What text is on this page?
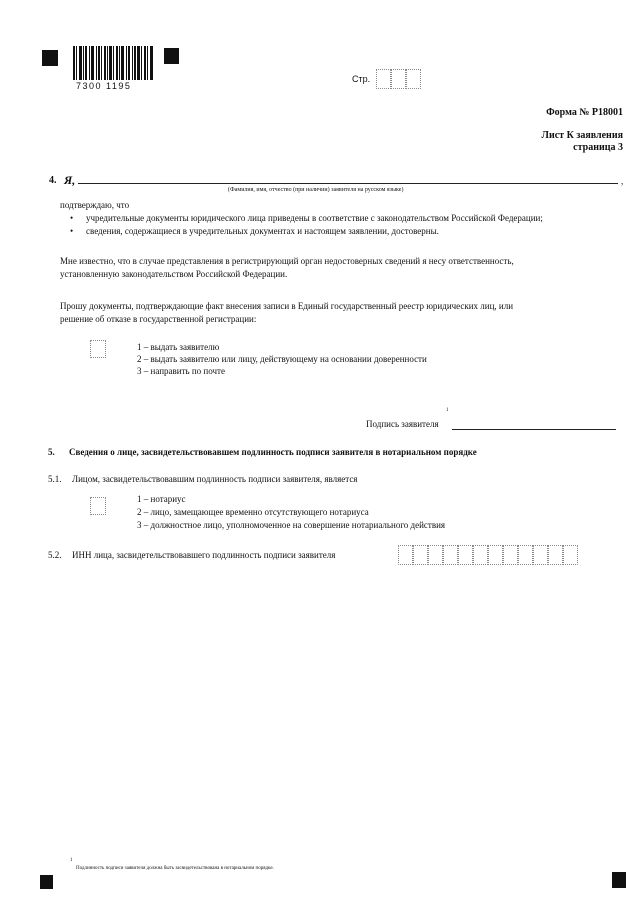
7300 1195
Стр.
Форма № Р18001
Лист К заявления
страница 3
4. Я,	,
(Фамилия, имя, отчество (при наличии) заявителя на русском языке)
подтверждаю, что
• учредительные документы юридического лица приведены в соответствие с законодательством Российской Федерации;
• сведения, содержащиеся в учредительных документах и настоящем заявлении, достоверны.
Мне известно, что в случае представления в регистрирующий орган недостоверных сведений я несу ответственность,
установленную законодательством Российской Федерации.
Прошу документы, подтверждающие факт внесения записи в Единый государственный реестр юридических лиц, или
решение об отказе в государственной регистрации:
1 – выдать заявителю
2 – выдать заявителю или лицу, действующему на основании доверенности
3 – направить по почте
1
Подпись заявителя
5. Сведения о лице, засвидетельствовавшем подлинность подписи заявителя в нотариальном порядке
5.1. Лицом, засвидетельствовавшим подлинность подписи заявителя, является
1 – нотариус
2 – лицо, замещающее временно отсутствующего нотариуса
3 – должностное лицо, уполномоченное на совершение нотариального действия
5.2. ИНН лица, засвидетельствовавшего подлинность подписи заявителя
1
Подлинность подписи заявителя должна быть засвидетельствована в нотариальном порядке.
